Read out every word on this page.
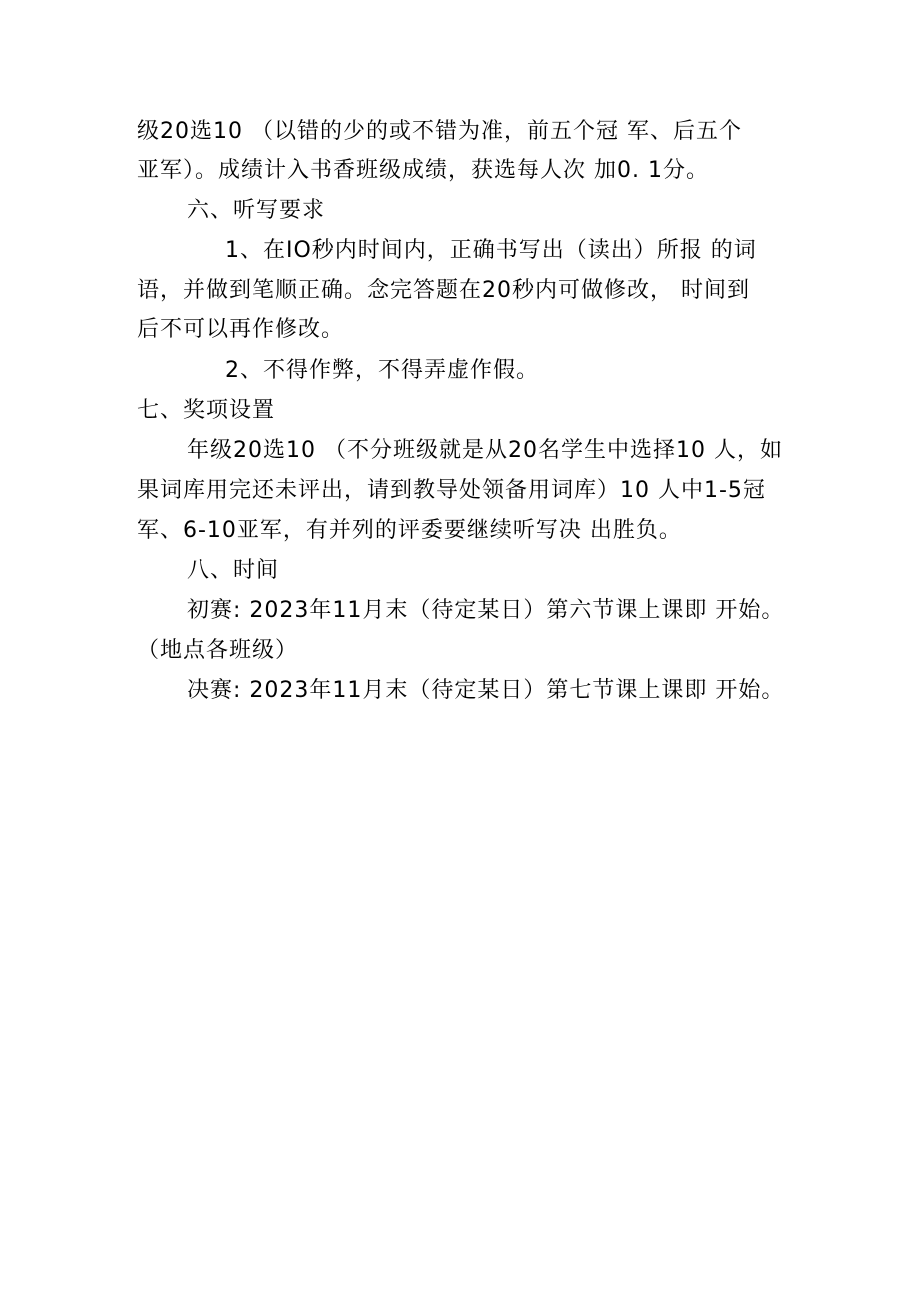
级20选10 （以错的少的或不错为准，前五个冠 军、后五个
亚军）。成绩计入书香班级成绩，获选每人次 加0. 1分。
六、听写要求
1、在IO秒内时间内，正确书写出（读出）所报 的词
语，并做到笔顺正确。念完答题在20秒内可做修改， 时间到
后不可以再作修改。
2、不得作弊，不得弄虚作假。
七、奖项设置
年级20选10 （不分班级就是从20名学生中选择10 人，如
果词库用完还未评出，请到教导处领备用词库）10 人中1-5冠
军、6-10亚军，有并列的评委要继续听写决 出胜负。
八、时间
初赛: 2023年11月末（待定某日）第六节课上课即 开始。
（地点各班级）
决赛: 2023年11月末（待定某日）第七节课上课即 开始。
